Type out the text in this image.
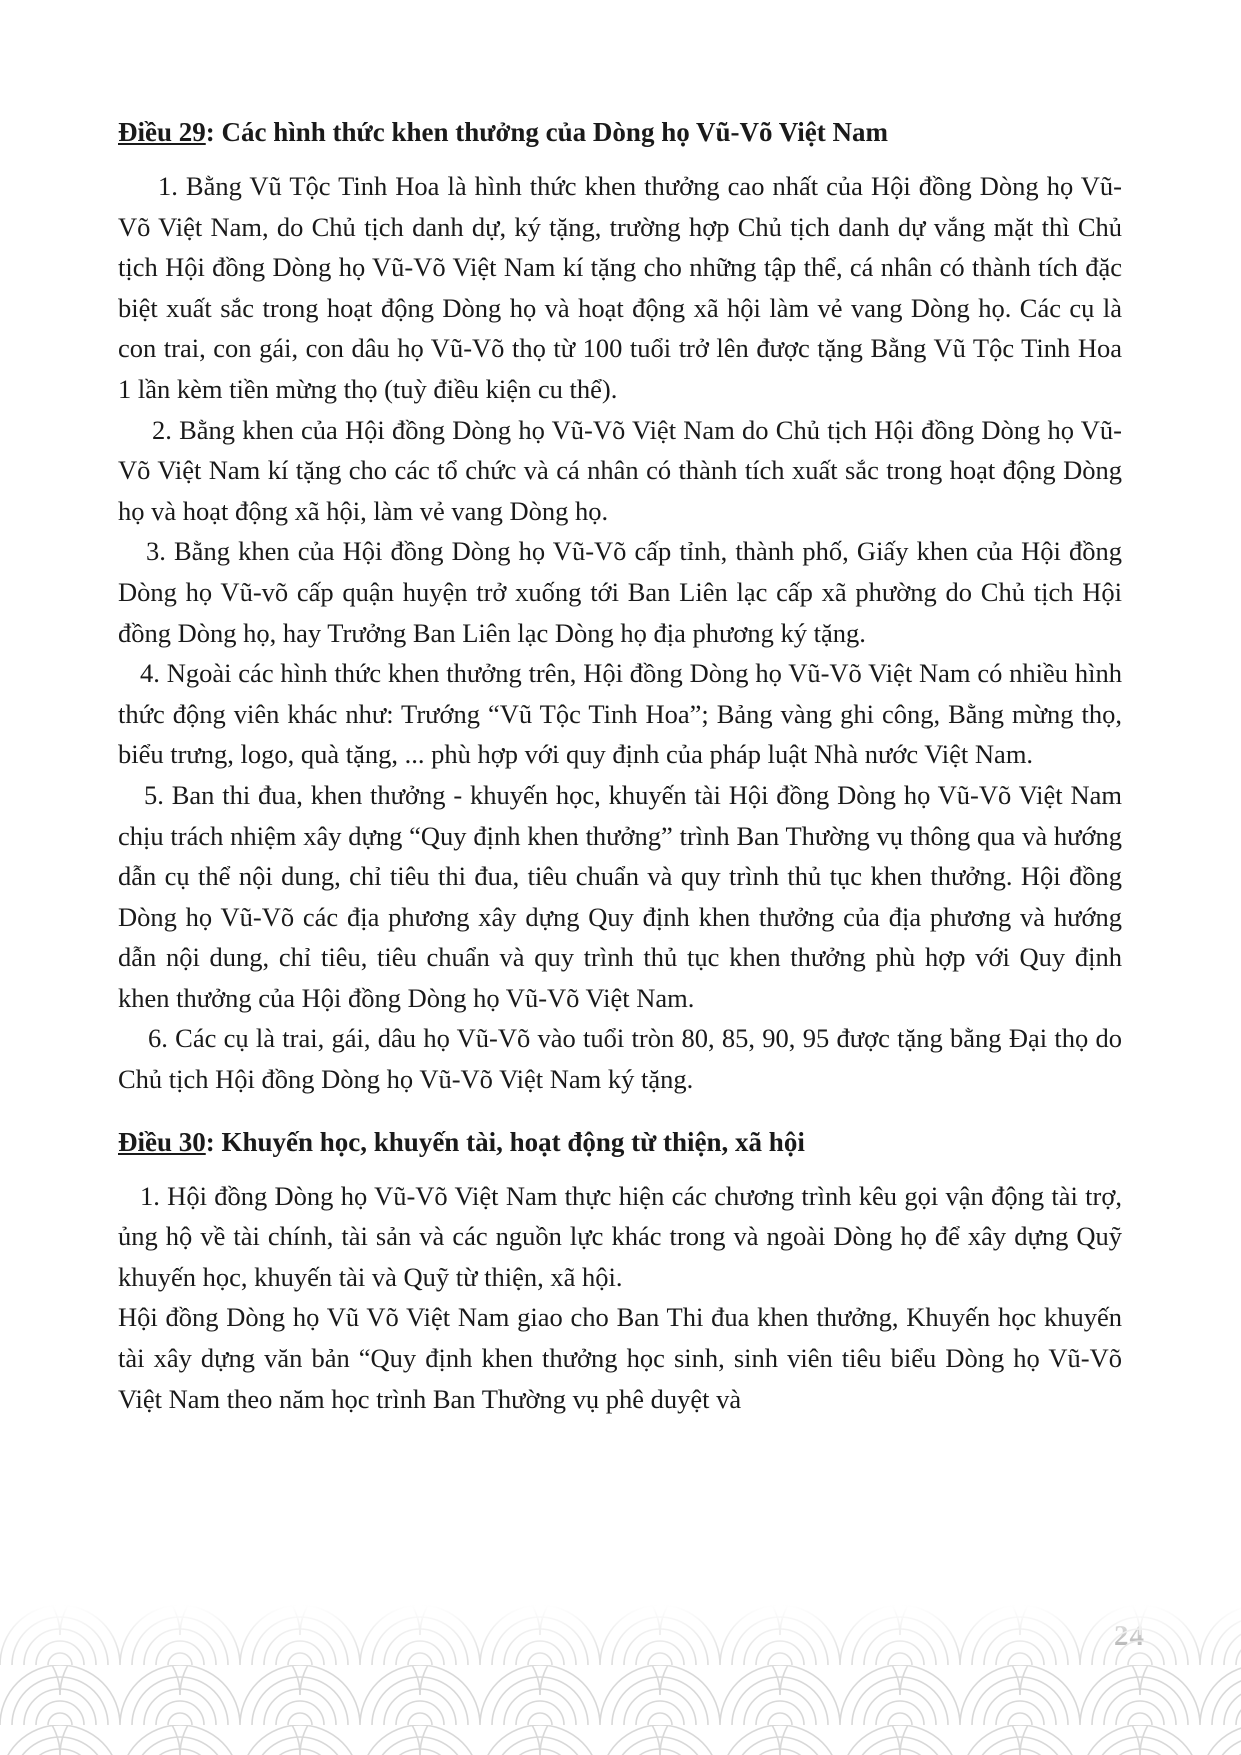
Điều 29: Các hình thức khen thưởng của Dòng họ Vũ-Võ Việt Nam

1. Bằng Vũ Tộc Tinh Hoa là hình thức khen thưởng cao nhất của Hội đồng Dòng họ Vũ-Võ Việt Nam, do Chủ tịch danh dự, ký tặng, trường hợp Chủ tịch danh dự vắng mặt thì Chủ tịch Hội đồng Dòng họ Vũ-Võ Việt Nam kí tặng cho những tập thể, cá nhân có thành tích đặc biệt xuất sắc trong hoạt động Dòng họ và hoạt động xã hội làm vẻ vang Dòng họ. Các cụ là con trai, con gái, con dâu họ Vũ-Võ thọ từ 100 tuổi trở lên được tặng Bằng Vũ Tộc Tinh Hoa 1 lần kèm tiền mừng thọ (tuỳ điều kiện cu thể).

2. Bằng khen của Hội đồng Dòng họ Vũ-Võ Việt Nam do Chủ tịch Hội đồng Dòng họ Vũ-Võ Việt Nam kí tặng cho các tổ chức và cá nhân có thành tích xuất sắc trong hoạt động Dòng họ và hoạt động xã hội, làm vẻ vang Dòng họ.

3. Bằng khen của Hội đồng Dòng họ Vũ-Võ cấp tỉnh, thành phố, Giấy khen của Hội đồng Dòng họ Vũ-võ cấp quận huyện trở xuống tới Ban Liên lạc cấp xã phường do Chủ tịch Hội đồng Dòng họ, hay Trưởng Ban Liên lạc Dòng họ địa phương ký tặng.

4. Ngoài các hình thức khen thưởng trên, Hội đồng Dòng họ Vũ-Võ Việt Nam có nhiều hình thức động viên khác như: Trướng “Vũ Tộc Tinh Hoa”; Bảng vàng ghi công, Bằng mừng thọ, biểu trưng, logo, quà tặng, ... phù hợp với quy định của pháp luật Nhà nước Việt Nam.

5. Ban thi đua, khen thưởng - khuyến học, khuyến tài Hội đồng Dòng họ Vũ-Võ Việt Nam chịu trách nhiệm xây dựng “Quy định khen thưởng” trình Ban Thường vụ thông qua và hướng dẫn cụ thể nội dung, chỉ tiêu thi đua, tiêu chuẩn và quy trình thủ tục khen thưởng. Hội đồng Dòng họ Vũ-Võ các địa phương xây dựng Quy định khen thưởng của địa phương và hướng dẫn nội dung, chỉ tiêu, tiêu chuẩn và quy trình thủ tục khen thưởng phù hợp với Quy định khen thưởng của Hội đồng Dòng họ Vũ-Võ Việt Nam.

6. Các cụ là trai, gái, dâu họ Vũ-Võ vào tuổi tròn 80, 85, 90, 95 được tặng bằng Đại thọ do Chủ tịch Hội đồng Dòng họ Vũ-Võ Việt Nam ký tặng.

Điều 30: Khuyến học, khuyến tài, hoạt động từ thiện, xã hội

1. Hội đồng Dòng họ Vũ-Võ Việt Nam thực hiện các chương trình kêu gọi vận động tài trợ, ủng hộ về tài chính, tài sản và các nguồn lực khác trong và ngoài Dòng họ để xây dựng Quỹ khuyến học, khuyến tài và Quỹ từ thiện, xã hội.

Hội đồng Dòng họ Vũ Võ Việt Nam giao cho Ban Thi đua khen thưởng, Khuyến học khuyến tài xây dựng văn bản “Quy định khen thưởng học sinh, sinh viên tiêu biểu Dòng họ Vũ-Võ Việt Nam theo năm học trình Ban Thường vụ phê duyệt và
